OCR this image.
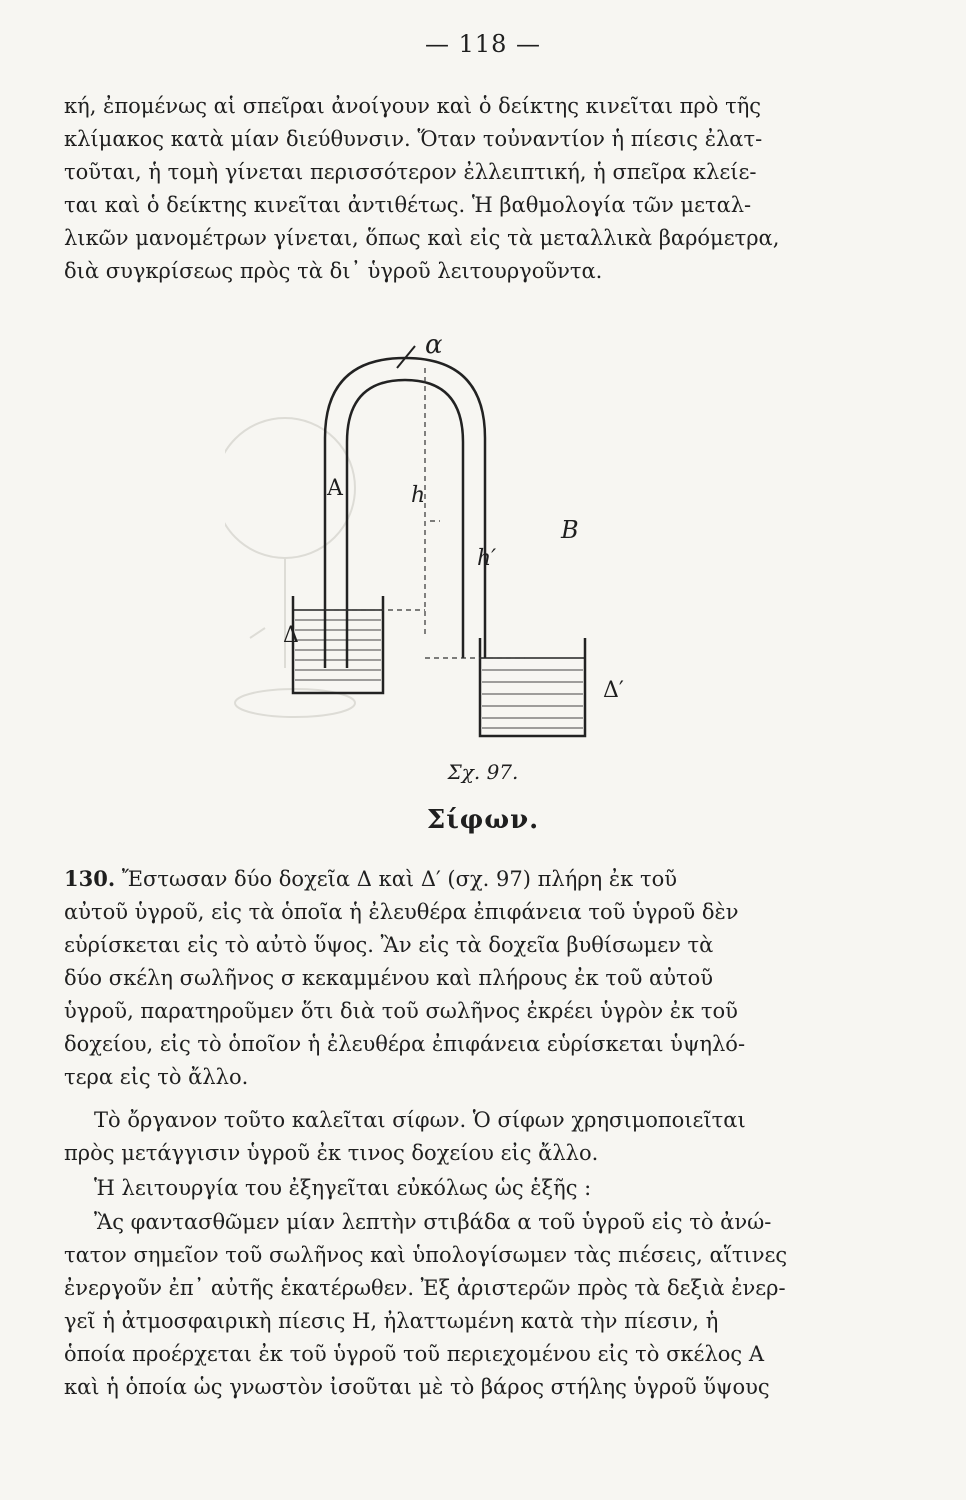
— 118 —
κή, ἐπομένως αἱ σπεῖραι ἀνοίγουν καὶ ὁ δείκτης κινεῖται πρὸ τῆς
κλίμακος κατὰ μίαν διεύθυνσιν. Ὅταν τοὐναντίον ἡ πίεσις ἐλατ-
τοῦται, ἡ τομὴ γίνεται περισσότερον ἐλλειπτική, ἡ σπεῖρα κλείε-
ται καὶ ὁ δείκτης κινεῖται ἀντιθέτως. Ἡ βαθμολογία τῶν μεταλ-
λικῶν μανομέτρων γίνεται, ὅπως καὶ εἰς τὰ μεταλλικὰ βαρόμετρα,
διὰ συγκρίσεως πρὸς τὰ δι᾽ ὑγροῦ λειτουργοῦντα.
α
A	h
h′
B
Δ
Δ′
Σχ. 97.
Σίφων.
130. Ἔστωσαν δύο δοχεῖα Δ καὶ Δ′ (σχ. 97) πλήρη ἐκ τοῦ
αὐτοῦ ὑγροῦ, εἰς τὰ ὁποῖα ἡ ἐλευθέρα ἐπιφάνεια τοῦ ὑγροῦ δὲν
εὑρίσκεται εἰς τὸ αὐτὸ ὕψος. Ἂν εἰς τὰ δοχεῖα βυθίσωμεν τὰ
δύο σκέλη σωλῆνος σ κεκαμμένου καὶ πλήρους ἐκ τοῦ αὐτοῦ
ὑγροῦ, παρατηροῦμεν ὅτι διὰ τοῦ σωλῆνος ἐκρέει ὑγρὸν ἐκ τοῦ
δοχείου, εἰς τὸ ὁποῖον ἡ ἐλευθέρα ἐπιφάνεια εὑρίσκεται ὑψηλό-
τερα εἰς τὸ ἄλλο.
Τὸ ὄργανον τοῦτο καλεῖται σίφων. Ὁ σίφων χρησιμοποιεῖται
πρὸς μετάγγισιν ὑγροῦ ἐκ τινος δοχείου εἰς ἄλλο.
Ἡ λειτουργία του ἐξηγεῖται εὐκόλως ὡς ἑξῆς :
Ἂς φαντασθῶμεν μίαν λεπτὴν στιβάδα α τοῦ ὑγροῦ εἰς τὸ ἀνώ-
τατον σημεῖον τοῦ σωλῆνος καὶ ὑπολογίσωμεν τὰς πιέσεις, αἵτινες
ἐνεργοῦν ἐπ᾽ αὐτῆς ἑκατέρωθεν. Ἐξ ἀριστερῶν πρὸς τὰ δεξιὰ ἐνερ-
γεῖ ἡ ἀτμοσφαιρικὴ πίεσις Η, ἠλαττωμένη κατὰ τὴν πίεσιν, ἡ
ὁποία προέρχεται ἐκ τοῦ ὑγροῦ τοῦ περιεχομένου εἰς τὸ σκέλος Α
καὶ ἡ ὁποία ὡς γνωστὸν ἰσοῦται μὲ τὸ βάρος στήλης ὑγροῦ ὕψους
